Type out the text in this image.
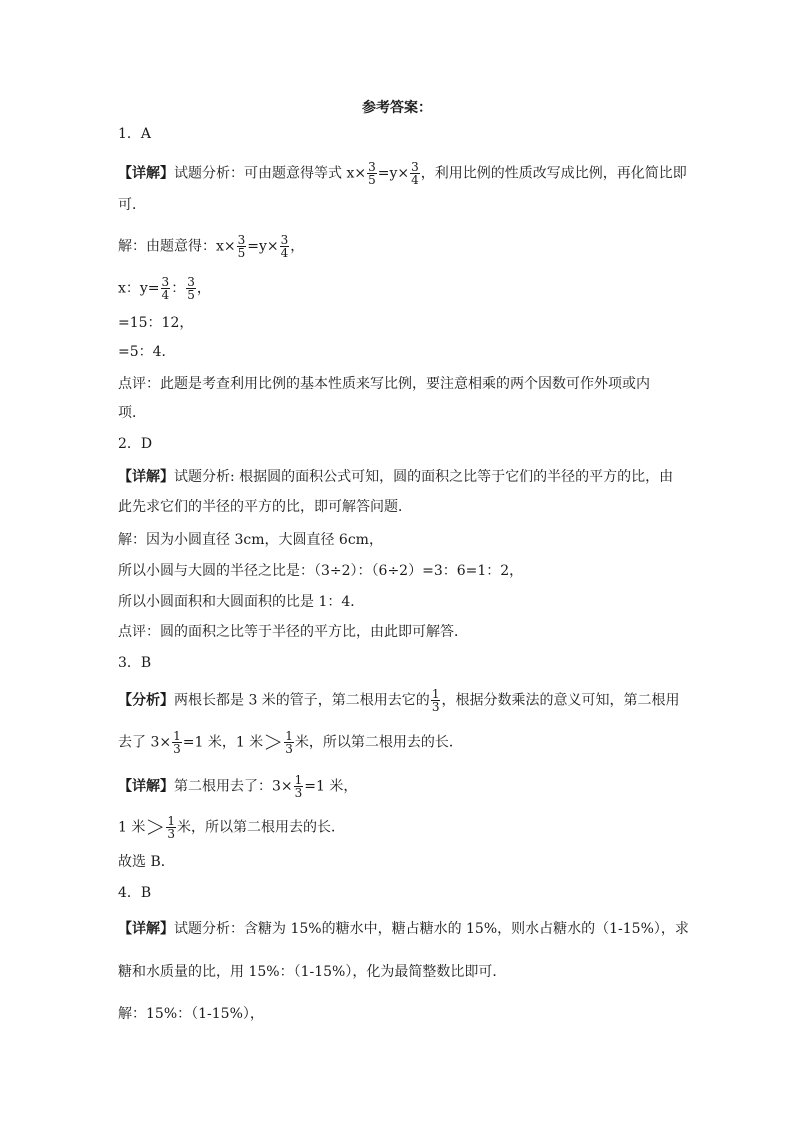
参考答案：
1．A
【详解】试题分析：可由题意得等式 $x\times \frac{3}{5} =y\times \frac{3}{4}$ ，利用比例的性质改写成比例，再化简比即
可．
解：由题意得：$x\times \frac{3}{5} =y\times \frac{3}{4}$ ，
x：$y= \frac{3}{4}$ ： $\frac{3}{5}$ ，
=15：12，
=5：4．
点评：此题是考查利用比例的基本性质来写比例，要注意相乘的两个因数可作外项或内
项．
2．D
【详解】试题分析: 根据圆的面积公式可知，圆的面积之比等于它们的半径的平方的比，由
此先求它们的半径的平方的比，即可解答问题．
解：因为小圆直径 3cm，大圆直径 6cm，
所以小圆与大圆的半径之比是：（3÷2）：（6÷2）=3：6=1：2，
所以小圆面积和大圆面积的比是 1：4．
点评：圆的面积之比等于半径的平方比，由此即可解答．
3．B
【分析】两根长都是 3 米的管子，第二根用去它的 $\frac{1}{3}$ ，根据分数乘法的意义可知，第二根用
去了 $3\times \frac{1}{3} =1$ 米，1 米＞ $\frac{1}{3}$ 米，所以第二根用去的长．
【详解】第二根用去了：$3\times \frac{1}{3} =1$ 米，
1 米＞ $\frac{1}{3}$ 米，所以第二根用去的长．
故选 B．
4．B
【详解】试题分析：含糖为 15%的糖水中，糖占糖水的 15%，则水占糖水的（1-15%），求
糖和水质量的比，用 15%：（1-15%），化为最简整数比即可．
解：15%：（1-15%），
